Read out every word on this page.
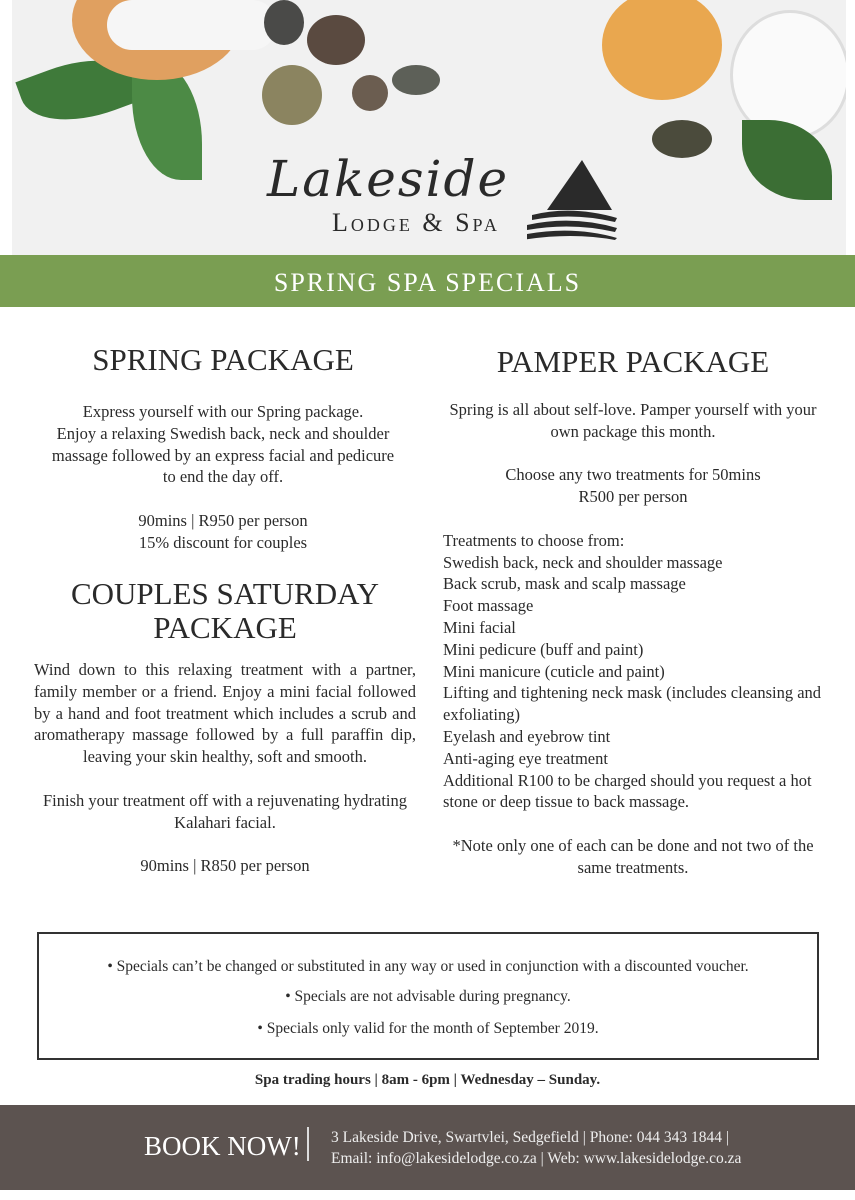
Lakeside
Lodge & Spa
SPRING SPA SPECIALS
SPRING PACKAGE

Express yourself with our Spring package.

Enjoy a relaxing Swedish back, neck and shoulder

massage followed by an express facial and pedicure

to end the day off.

90mins | R950 per person

15% discount for couples

COUPLES SATURDAY
PACKAGE

Wind down to this relaxing treatment with a partner, family member or a friend. Enjoy a mini facial followed by a hand and foot treatment which includes a scrub and aromatherapy massage followed by a full paraffin dip, leaving your skin healthy, soft and smooth.

Finish your treatment off with a rejuvenating hydrating Kalahari facial.

90mins | R850 per person

PAMPER PACKAGE

Spring is all about self-love. Pamper yourself with your own package this month.

Choose any two treatments for 50mins

R500 per person

Treatments to choose from:

Swedish back, neck and shoulder massage

Back scrub, mask and scalp massage

Foot massage

Mini facial

Mini pedicure (buff and paint)

Mini manicure (cuticle and paint)

Lifting and tightening neck mask (includes cleansing and exfoliating)

Eyelash and eyebrow tint

Anti-aging eye treatment

Additional R100 to be charged should you request a hot stone or deep tissue to back massage.

*Note only one of each can be done and not two of the same treatments.

• Specials can’t be changed or substituted in any way or used in conjunction with a discounted voucher.
• Specials are not advisable during pregnancy.
• Specials only valid for the month of September 2019.
Spa trading hours | 8am - 6pm | Wednesday – Sunday.
BOOK NOW! 3 Lakeside Drive, Swartvlei, Sedgefield | Phone: 044 343 1844 |
Email: info@lakesidelodge.co.za | Web: www.lakesidelodge.co.za
